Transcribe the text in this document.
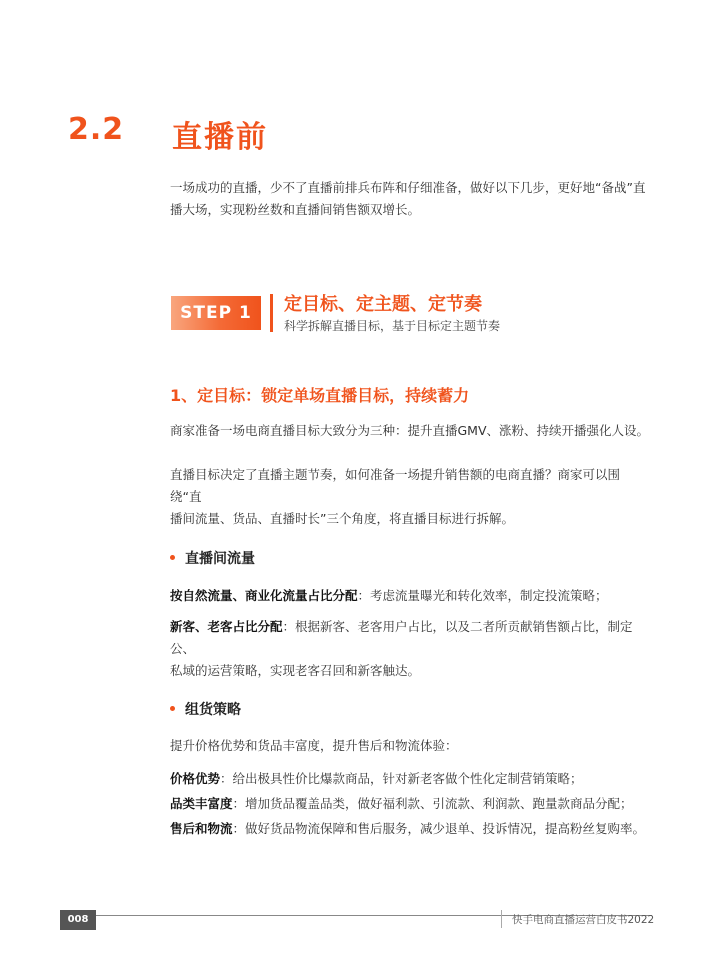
2.2 直播前
一场成功的直播，少不了直播前排兵布阵和仔细准备，做好以下几步，更好地“备战”直
播大场，实现粉丝数和直播间销售额双增长。
STEP 1	定目标、定主题、定节奏
科学拆解直播目标，基于目标定主题节奏
1、定目标：锁定单场直播目标，持续蓄力
商家准备一场电商直播目标大致分为三种：提升直播GMV、涨粉、持续开播强化人设。
直播目标决定了直播主题节奏，如何准备一场提升销售额的电商直播？商家可以围绕“直
播间流量、货品、直播时长”三个角度，将直播目标进行拆解。
直播间流量
按自然流量、商业化流量占比分配：考虑流量曝光和转化效率，制定投流策略；
新客、老客占比分配：根据新客、老客用户占比，以及二者所贡献销售额占比，制定公、
私域的运营策略，实现老客召回和新客触达。
组货策略
提升价格优势和货品丰富度，提升售后和物流体验：
价格优势：给出极具性价比爆款商品，针对新老客做个性化定制营销策略；
品类丰富度：增加货品覆盖品类，做好福利款、引流款、利润款、跑量款商品分配；
售后和物流：做好货品物流保障和售后服务，减少退单、投诉情况，提高粉丝复购率。
008	快手电商直播运营白皮书2022
